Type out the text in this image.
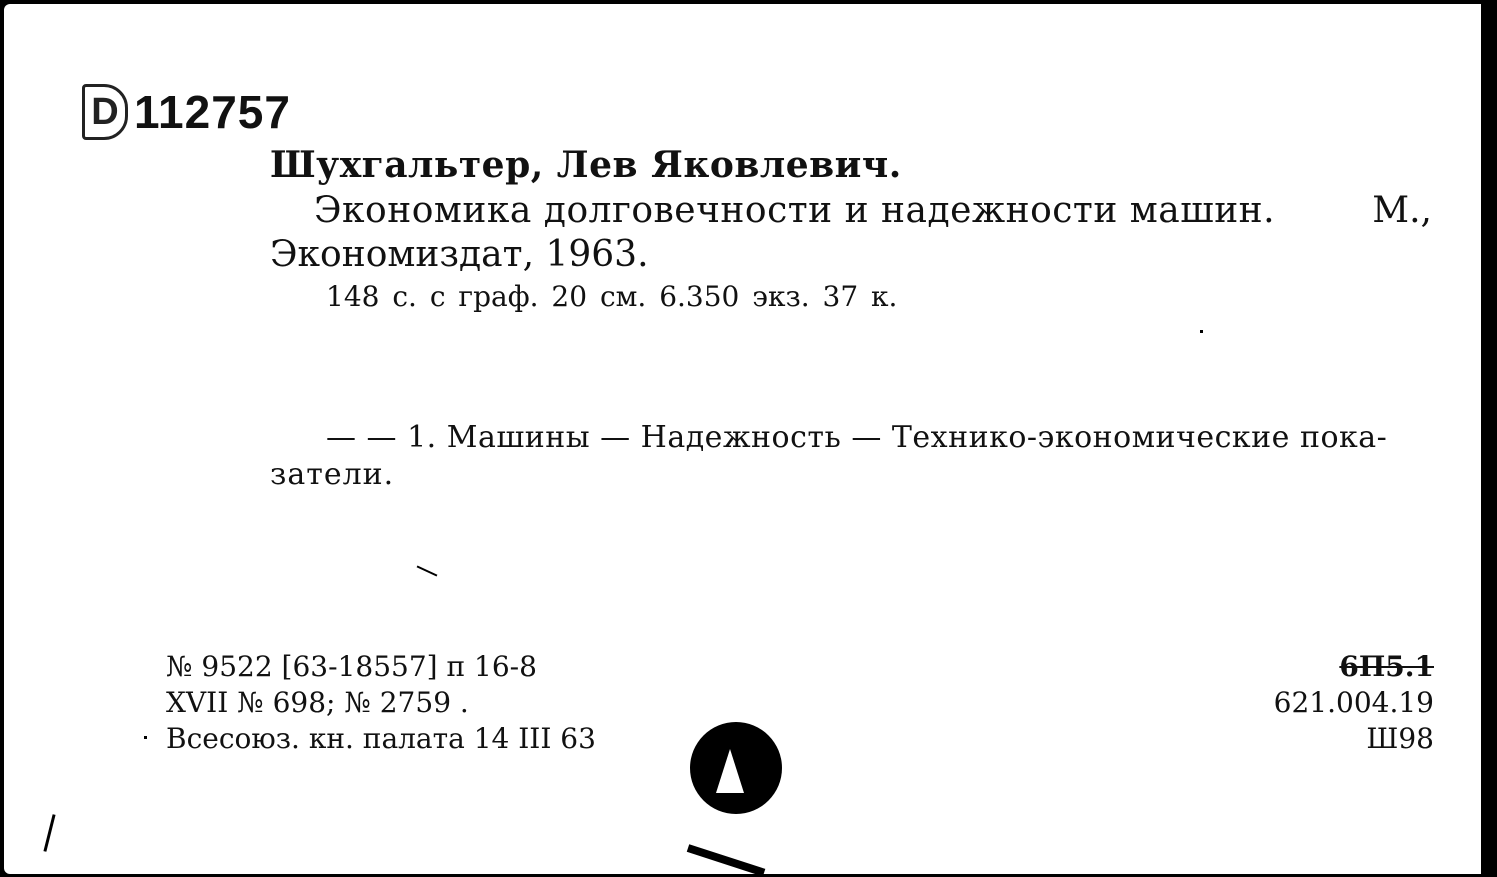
D 112757
Шухгальтер, Лев Яковлевич.
Экономика долговечности и надежности машин.	М.,
Экономиздат, 1963.
148 с. с граф. 20 см. 6.350 экз. 37 к.
— — 1. Машины — Надежность — Технико-экономические пока-
затели.
№ 9522 [63-18557] п 16-8
XVII № 698; № 2759 .
Всесоюз. кн. палата 14 III 63
6П5.1
621.004.19
Ш98
